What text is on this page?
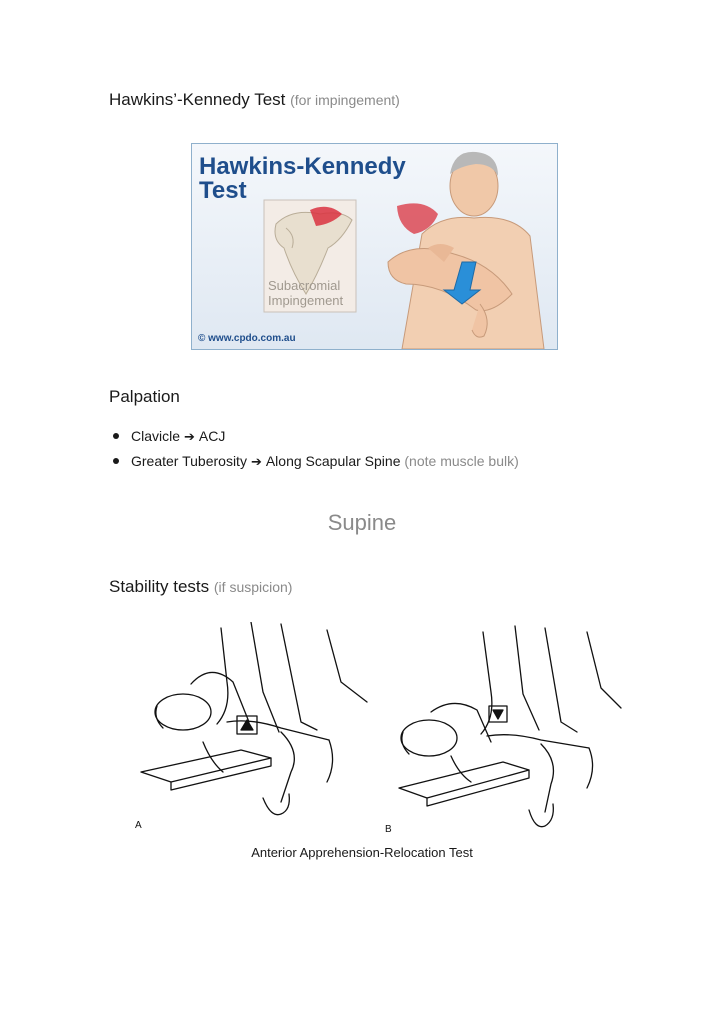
Hawkins’-Kennedy Test (for impingement)
Hawkins-Kennedy
Test
Subacromial
Impingement
© www.cpdo.com.au
Palpation
Clavicle ➔ ACJ
Greater Tuberosity ➔ Along Scapular Spine (note muscle bulk)
Supine
Stability tests (if suspicion)
A	B
Anterior Apprehension-Relocation Test
